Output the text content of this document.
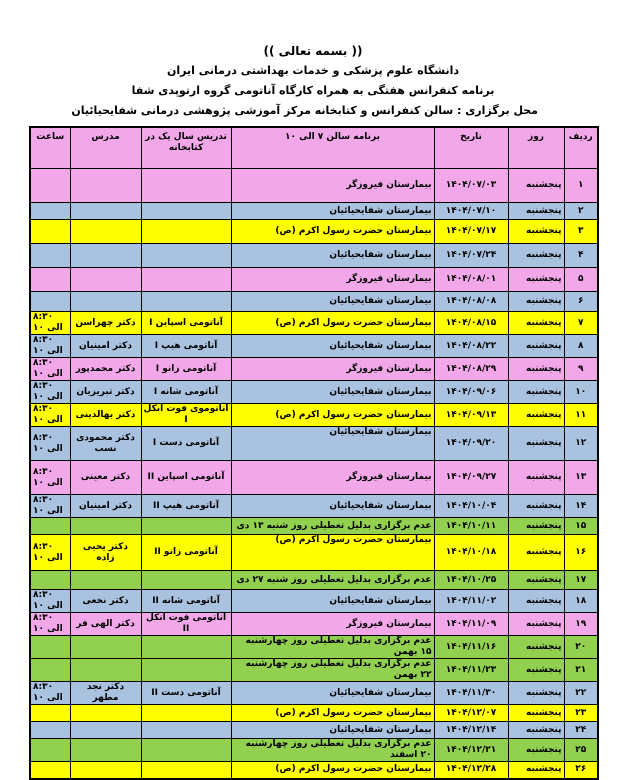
(( بسمه تعالی ))
دانشگاه علوم پزشکی و خدمات بهداشتی درمانی ایران
برنامه کنفرانس هفتگی به همراه کارگاه آناتومی گروه ارتوپدی شفا
محل برگزاری : سالن کنفرانس و کتابخانه مرکز آموزشی پژوهشی درمانی شفایحیائیان
ردیف	روز	تاریخ	برنامه سالن ۷ الی ۱۰	تدریس سال یک در کتابخانه	مدرس	ساعت
۱	پنجشنبه	۱۴۰۴/۰۷/۰۳	بیمارستان فیروزگر			
۲	پنجشنبه	۱۴۰۴/۰۷/۱۰	بیمارستان شفایحیائیان			
۳	پنجشنبه	۱۴۰۴/۰۷/۱۷	بیمارستان حضرت رسول اکرم (ص)			
۴	پنجشنبه	۱۴۰۴/۰۷/۲۴	بیمارستان شفایحیائیان			
۵	پنجشنبه	۱۴۰۴/۰۸/۰۱	بیمارستان فیروزگر			
۶	پنجشنبه	۱۴۰۴/۰۸/۰۸	بیمارستان شفایحیائیان			
۷	پنجشنبه	۱۴۰۴/۰۸/۱۵	بیمارستان حضرت رسول اکرم (ص)	آناتومی اسپاین I	دکتر چهراسن	۸:۳۰ الی ۱۰
۸	پنجشنبه	۱۴۰۴/۰۸/۲۲	بیمارستان شفایحیائیان	آناتومی هیپ I	دکتر امینیان	۸:۳۰ الی ۱۰
۹	پنجشنبه	۱۴۰۴/۰۸/۲۹	بیمارستان فیروزگر	آناتومی زانو I	دکتر محمدپور	۸:۳۰ الی ۱۰
۱۰	پنجشنبه	۱۴۰۴/۰۹/۰۶	بیمارستان شفایحیائیان	آناتومی شانه I	دکتر تبریزیان	۸:۳۰ الی ۱۰
۱۱	پنجشنبه	۱۴۰۴/۰۹/۱۳	بیمارستان حضرت رسول اکرم (ص)	آناتوموی فوت انکل I	دکتر بهالدینی	۸:۳۰ الی ۱۰
۱۲	پنجشنبه	۱۴۰۴/۰۹/۲۰	بیمارستان شفایحیائیان	آناتومی دست I	دکتر محمودی نسب	۸:۳۰ الی ۱۰
۱۳	پنجشنبه	۱۴۰۴/۰۹/۲۷	بیمارستان فیروزگر	آناتومی اسپاین II	دکتر معینی	۸:۳۰ الی ۱۰
۱۴	پنجشنبه	۱۴۰۴/۱۰/۰۴	بیمارستان شفایحیائیان	آناتومی هیپ II	دکتر امینیان	۸:۳۰ الی ۱۰
۱۵	پنجشنبه	۱۴۰۴/۱۰/۱۱	عدم برگزاری بدلیل تعطیلی روز شنبه ۱۳ دی			
۱۶	پنجشنبه	۱۴۰۴/۱۰/۱۸	بیمارستان حضرت رسول اکرم (ص)	آناتومی زانو II	دکتر یحیی زاده	۸:۳۰ الی ۱۰
۱۷	پنجشنبه	۱۴۰۴/۱۰/۲۵	عدم برگزاری بدلیل تعطیلی روز شنبه ۲۷ دی			
۱۸	پنجشنبه	۱۴۰۴/۱۱/۰۲	بیمارستان شفایحیائیان	آناتومی شانه II	دکتر نخعی	۸:۳۰ الی ۱۰
۱۹	پنجشنبه	۱۴۰۴/۱۱/۰۹	بیمارستان فیروزگر	آناتومی فوت انکل II	دکتر الهی فر	۸:۳۰ الی ۱۰
۲۰	پنجشنبه	۱۴۰۴/۱۱/۱۶	عدم برگزاری بدلیل تعطیلی روز چهارشنبه ۱۵ بهمن			
۲۱	پنجشنبه	۱۴۰۴/۱۱/۲۳	عدم برگزاری بدلیل تعطیلی روز چهارشنبه ۲۲ بهمن			
۲۲	پنجشنبه	۱۴۰۴/۱۱/۳۰	بیمارستان شفایحیائیان	آناتومی دست II	دکتر نجد مطهر	۸:۳۰ الی ۱۰
۲۳	پنجشنبه	۱۴۰۴/۱۲/۰۷	بیمارستان حضرت رسول اکرم (ص)			
۲۴	پنجشنبه	۱۴۰۴/۱۲/۱۴	بیمارستان شفایحیائیان			
۲۵	پنجشنبه	۱۴۰۴/۱۲/۲۱	عدم برگزاری بدلیل تعطیلی روز چهارشنبه ۲۰ اسفند			
۲۶	پنجشنبه	۱۴۰۴/۱۲/۲۸	بیمارستان حضرت رسول اکرم (ص)			
